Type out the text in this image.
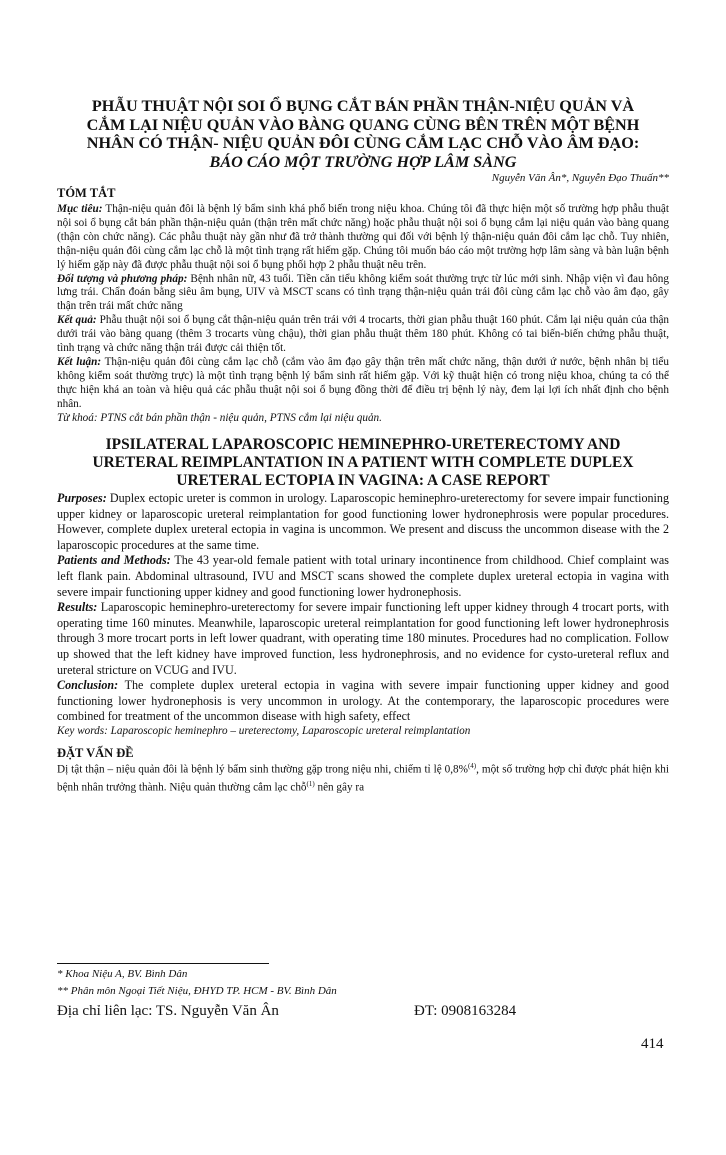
PHẪU THUẬT NỘI SOI Ổ BỤNG CẮT BÁN PHẦN THẬN-NIỆU QUẢN VÀ
CẮM LẠI NIỆU QUẢN VÀO BÀNG QUANG CÙNG BÊN TRÊN MỘT BỆNH
NHÂN CÓ THẬN- NIỆU QUẢN ĐÔI CÙNG CẮM LẠC CHỖ VÀO ÂM ĐẠO:
BÁO CÁO MỘT TRƯỜNG HỢP LÂM SÀNG
Nguyễn Văn Ân*, Nguyễn Đạo Thuấn**
TÓM TẮT

Mục tiêu: Thận-niệu quản đôi là bệnh lý bẩm sinh khá phổ biến trong niệu khoa. Chúng tôi đã thực hiện một số trường hợp phẫu thuật nội soi ổ bụng cắt bán phần thận-niệu quản (thận trên mất chức năng) hoặc phẫu thuật nội soi ổ bụng cắm lại niệu quản vào bàng quang (thận còn chức năng). Các phẫu thuật này gần như đã trở thành thường qui đối với bệnh lý thận-niệu quản đôi cắm lạc chỗ. Tuy nhiên, thận-niệu quản đôi cùng cắm lạc chỗ là một tình trạng rất hiếm gặp. Chúng tôi muốn báo cáo một trường hợp lâm sàng và bàn luận bệnh lý hiếm gặp này đã được phẫu thuật nội soi ổ bụng phối hợp 2 phẫu thuật nêu trên.

Đối tượng và phương pháp: Bệnh nhân nữ, 43 tuổi. Tiền căn tiểu không kiểm soát thường trực từ lúc mới sinh. Nhập viện vì đau hông lưng trái. Chẩn đoán bằng siêu âm bụng, UIV và MSCT scans có tình trạng thận-niệu quản trái đôi cùng cắm lạc chỗ vào âm đạo, gây thận trên trái mất chức năng

Kết quả: Phẫu thuật nội soi ổ bụng cắt thận-niệu quản trên trái với 4 trocarts, thời gian phẫu thuật 160 phút. Cắm lại niệu quản của thận dưới trái vào bàng quang (thêm 3 trocarts vùng chậu), thời gian phẫu thuật thêm 180 phút. Không có tai biến-biến chứng phẫu thuật, tình trạng và chức năng thận trái được cải thiện tốt.

Kết luận: Thận-niệu quản đôi cùng cắm lạc chỗ (cắm vào âm đạo gây thận trên mất chức năng, thận dưới ứ nước, bệnh nhân bị tiểu không kiểm soát thường trực) là một tình trạng bệnh lý bẩm sinh rất hiếm gặp. Với kỹ thuật hiện có trong niệu khoa, chúng ta có thể thực hiện khá an toàn và hiệu quả các phẫu thuật nội soi ổ bụng đồng thời để điều trị bệnh lý này, đem lại lợi ích nhất định cho bệnh nhân.

Từ khoá: PTNS cắt bán phần thận - niệu quản, PTNS cắm lại niệu quản.

IPSILATERAL LAPAROSCOPIC HEMINEPHRO-URETERECTOMY AND
URETERAL REIMPLANTATION IN A PATIENT WITH COMPLETE DUPLEX
URETERAL ECTOPIA IN VAGINA: A CASE REPORT

Purposes: Duplex ectopic ureter is common in urology. Laparoscopic heminephro-ureterectomy for severe impair functioning upper kidney or laparoscopic ureteral reimplantation for good functioning lower hydronephrosis were popular procedures. However, complete duplex ureteral ectopia in vagina is uncommon. We present and discuss the uncommon disease with the 2 laparoscopic procedures at the same time.

Patients and Methods: The 43 year-old female patient with total urinary incontinence from childhood. Chief complaint was left flank pain. Abdominal ultrasound, IVU and MSCT scans showed the complete duplex ureteral ectopia in vagina with severe impair functioning upper kidney and good functioning lower hydronephosis.

Results: Laparoscopic heminephro-ureterectomy for severe impair functioning left upper kidney through 4 trocart ports, with operating time 160 minutes. Meanwhile, laparoscopic ureteral reimplantation for good functioning left lower hydronephrosis through 3 more trocart ports in left lower quadrant, with operating time 180 minutes. Procedures had no complication. Follow up showed that the left kidney have improved function, less hydronephrosis, and no evidence for cysto-ureteral reflux and ureteral stricture on VCUG and IVU.

Conclusion: The complete duplex ureteral ectopia in vagina with severe impair functioning upper kidney and good functioning lower hydronephosis is very uncommon in urology. At the contemporary, the laparoscopic procedures were combined for treatment of the uncommon disease with high safety, effect

Key words: Laparoscopic heminephro – ureterectomy, Laparoscopic ureteral reimplantation

ĐẶT VẤN ĐỀ

Dị tật thận – niệu quản đôi là bệnh lý bẩm sinh thường gặp trong niệu nhi, chiếm tỉ lệ 0,8%$^{(4)}$, một số trường hợp chỉ được phát hiện khi bệnh nhân trưởng thành. Niệu quản thường cắm lạc chỗ$^{(1)}$ nên gây ra

* Khoa Niệu A, BV. Bình Dân
** Phân môn Ngoại Tiết Niệu, ĐHYD TP. HCM - BV. Bình Dân
Địa chỉ liên lạc: TS. Nguyễn Văn Ân	ĐT: 0908163284
414
